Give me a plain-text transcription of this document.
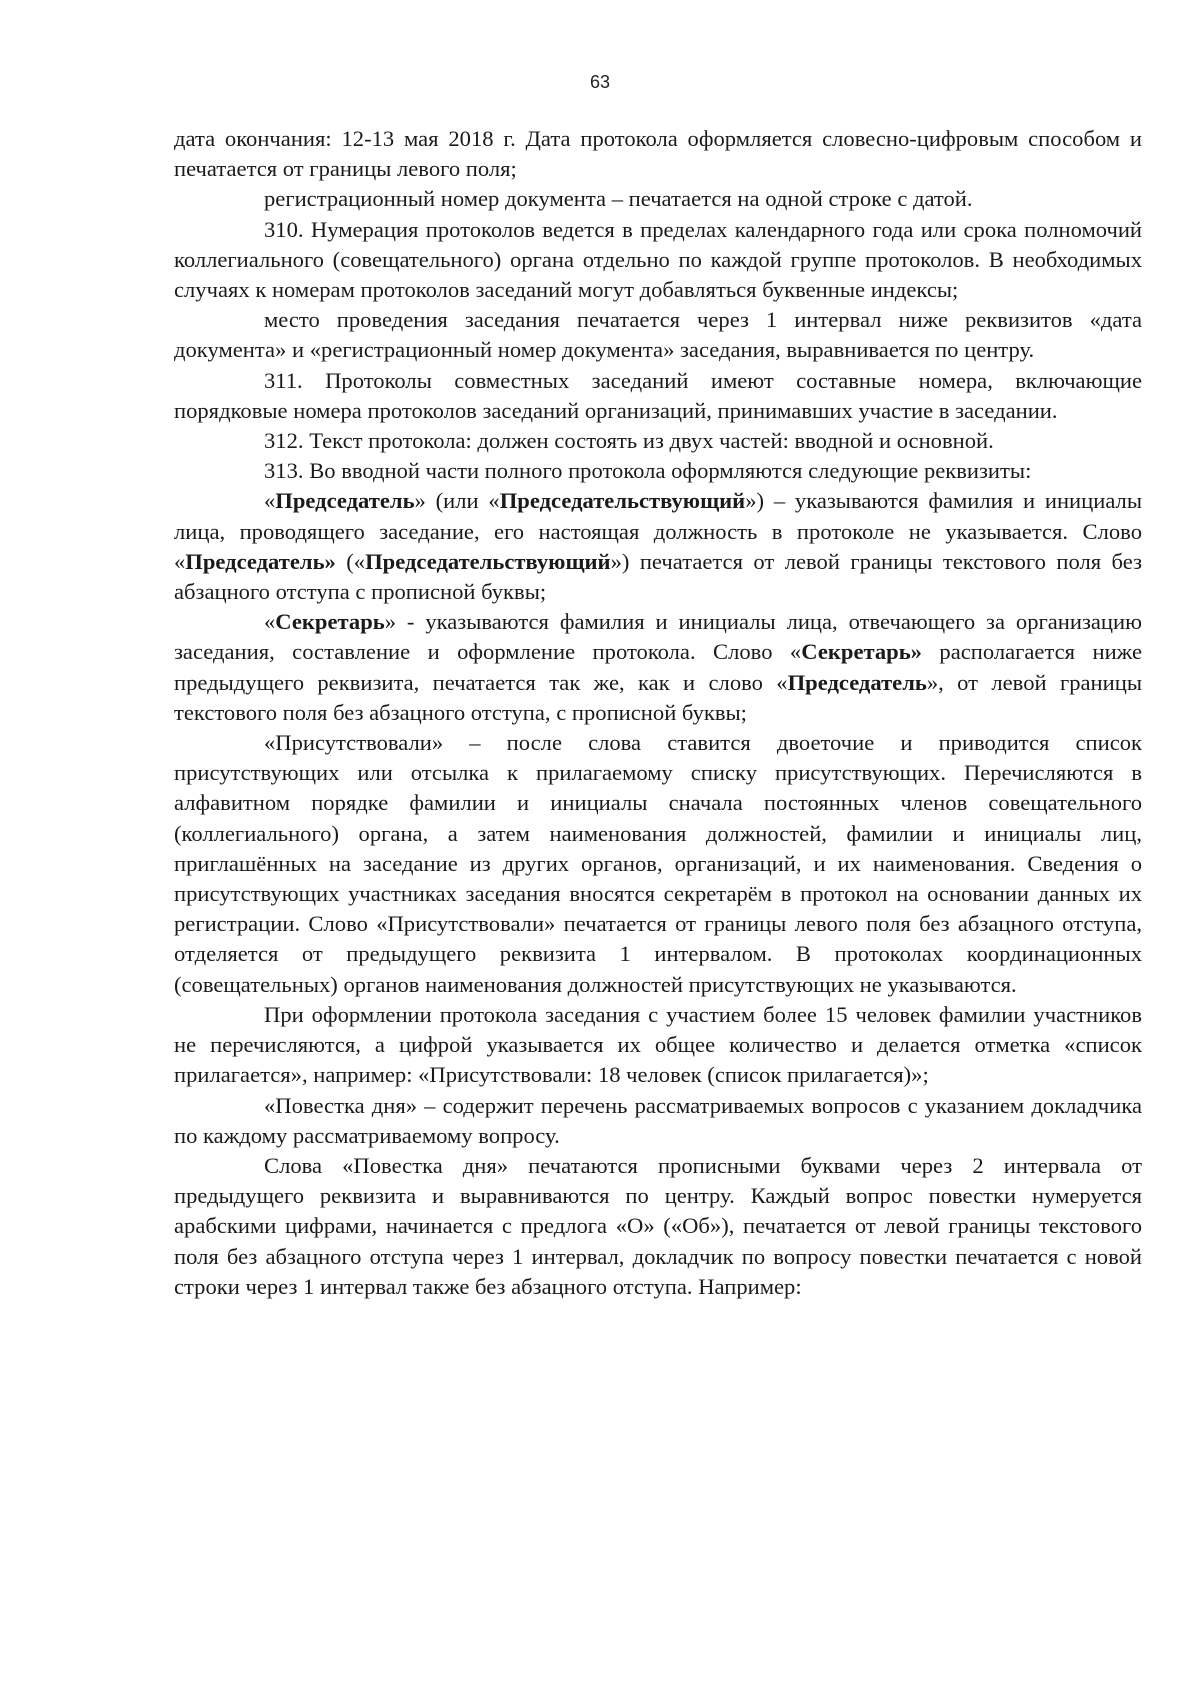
63

дата окончания: 12-13 мая 2018 г. Дата протокола оформляется словесно-цифровым способом и печатается от границы левого поля;

регистрационный номер документа – печатается на одной строке с датой.

310. Нумерация протоколов ведется в пределах календарного года или срока полномочий коллегиального (совещательного) органа отдельно по каждой группе протоколов. В необходимых случаях к номерам протоколов заседаний могут добавляться буквенные индексы;

место проведения заседания печатается через 1 интервал ниже реквизитов «дата документа» и «регистрационный номер документа» заседания, выравнивается по центру.

311. Протоколы совместных заседаний имеют составные номера, включающие порядковые номера протоколов заседаний организаций, принимавших участие в заседании.

312. Текст протокола: должен состоять из двух частей: вводной и основной.

313. Во вводной части полного протокола оформляются следующие реквизиты:

«Председатель» (или «Председательствующий») – указываются фамилия и инициалы лица, проводящего заседание, его настоящая должность в протоколе не указывается. Слово «Председатель» («Председательствующий») печатается от левой границы текстового поля без абзацного отступа с прописной буквы;

«Секретарь» - указываются фамилия и инициалы лица, отвечающего за организацию заседания, составление и оформление протокола. Слово «Секретарь» располагается ниже предыдущего реквизита, печатается так же, как и слово «Председатель», от левой границы текстового поля без абзацного отступа, с прописной буквы;

«Присутствовали» – после слова ставится двоеточие и приводится список присутствующих или отсылка к прилагаемому списку присутствующих. Перечисляются в алфавитном порядке фамилии и инициалы сначала постоянных членов совещательного (коллегиального) органа, а затем наименования должностей, фамилии и инициалы лиц, приглашённых на заседание из других органов, организаций, и их наименования. Сведения о присутствующих участниках заседания вносятся секретарём в протокол на основании данных их регистрации. Слово «Присутствовали» печатается от границы левого поля без абзацного отступа, отделяется от предыдущего реквизита 1 интервалом. В протоколах координационных (совещательных) органов наименования должностей присутствующих не указываются.

При оформлении протокола заседания с участием более 15 человек фамилии участников не перечисляются, а цифрой указывается их общее количество и делается отметка «список прилагается», например: «Присутствовали: 18 человек (список прилагается)»;

«Повестка дня» – содержит перечень рассматриваемых вопросов с указанием докладчика по каждому рассматриваемому вопросу.

Слова «Повестка дня» печатаются прописными буквами через 2 интервала от предыдущего реквизита и выравниваются по центру. Каждый вопрос повестки нумеруется арабскими цифрами, начинается с предлога «О» («Об»), печатается от левой границы текстового поля без абзацного отступа через 1 интервал, докладчик по вопросу повестки печатается с новой строки через 1 интервал также без абзацного отступа. Например:
